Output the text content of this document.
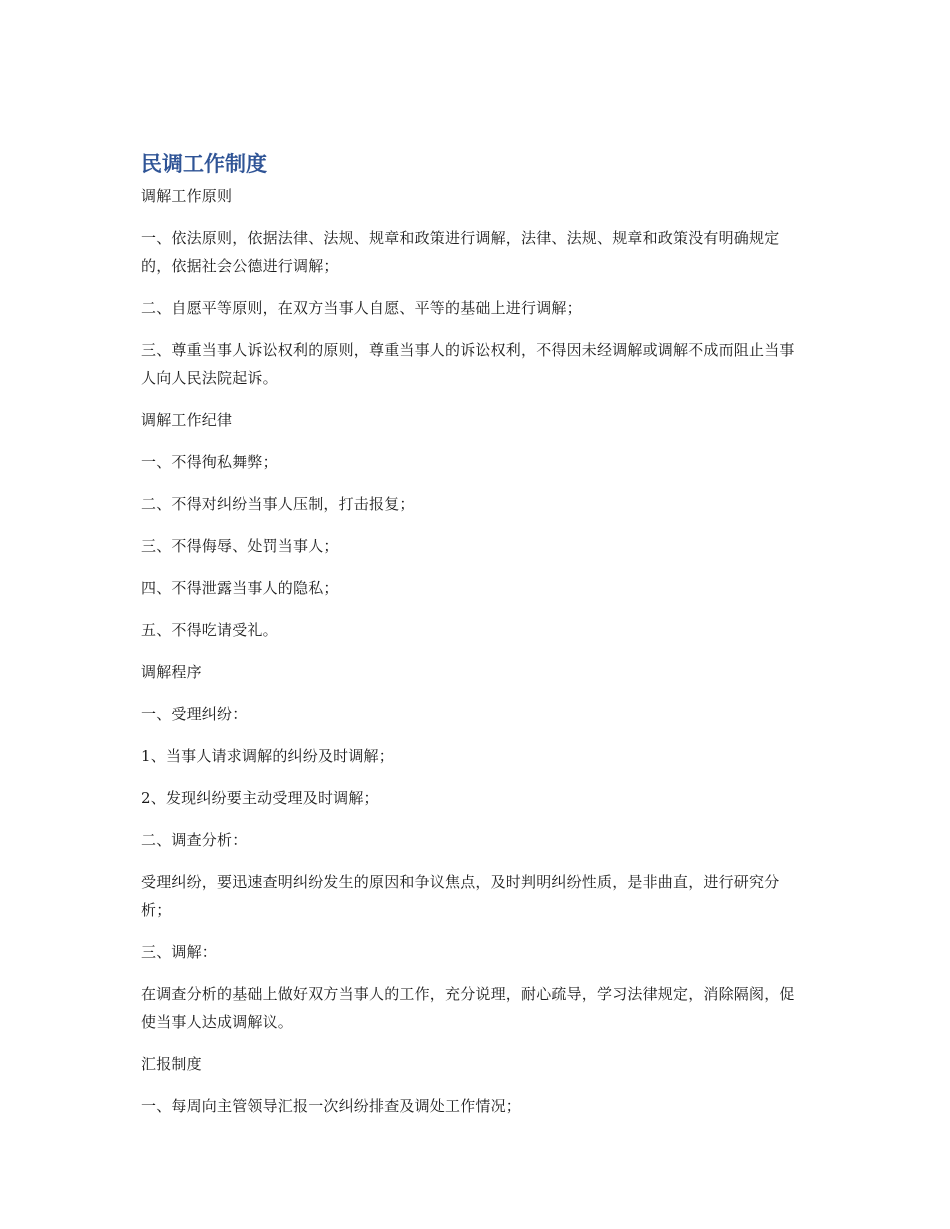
民调工作制度

调解工作原则

一、依法原则，依据法律、法规、规章和政策进行调解，法律、法规、规章和政策没有明确规定的，依据社会公德进行调解；

二、自愿平等原则，在双方当事人自愿、平等的基础上进行调解；

三、尊重当事人诉讼权利的原则，尊重当事人的诉讼权利，不得因未经调解或调解不成而阻止当事人向人民法院起诉。

调解工作纪律

一、不得徇私舞弊；

二、不得对纠纷当事人压制，打击报复；

三、不得侮辱、处罚当事人；

四、不得泄露当事人的隐私；

五、不得吃请受礼。

调解程序

一、受理纠纷：

1、当事人请求调解的纠纷及时调解；

2、发现纠纷要主动受理及时调解；

二、调查分析：

受理纠纷，要迅速查明纠纷发生的原因和争议焦点，及时判明纠纷性质，是非曲直，进行研究分析；

三、调解：

在调查分析的基础上做好双方当事人的工作，充分说理，耐心疏导，学习法律规定，消除隔阂，促使当事人达成调解议。

汇报制度

一、每周向主管领导汇报一次纠纷排查及调处工作情况；
